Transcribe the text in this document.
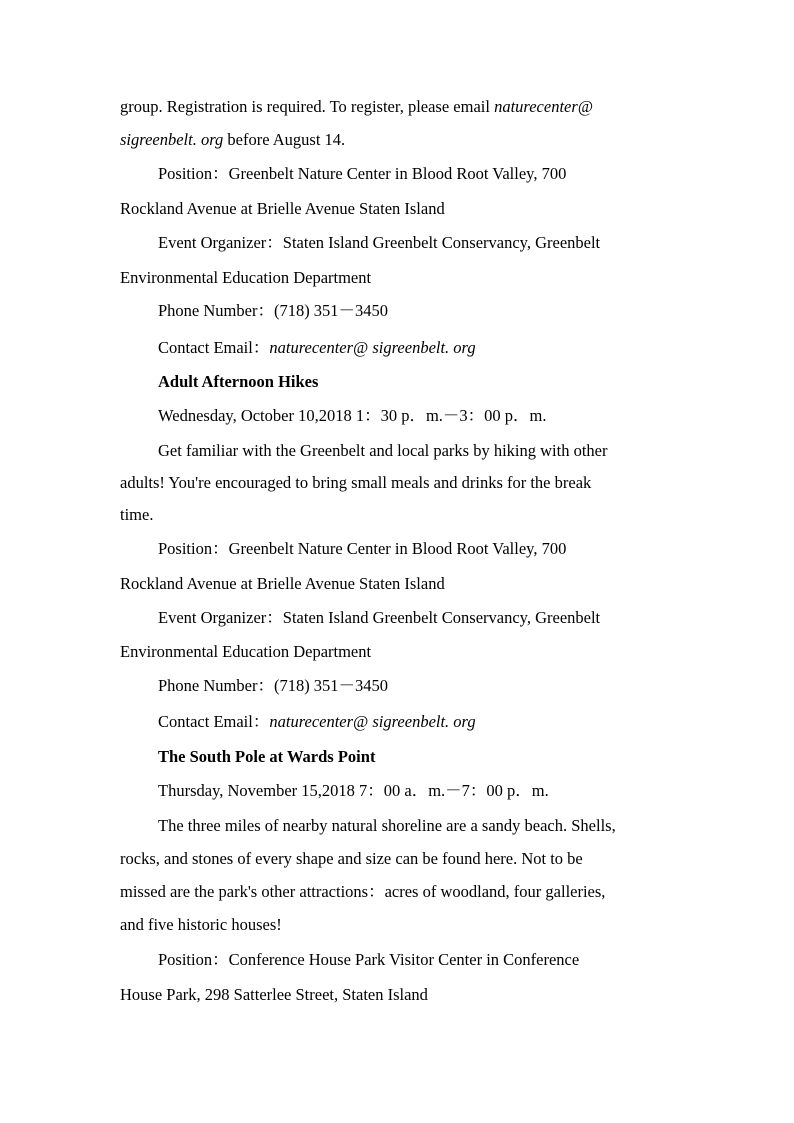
group. Registration is required. To register, please email naturecenter@
sigreenbelt. org before August 14.
Position：Greenbelt Nature Center in Blood Root Valley, 700
Rockland Avenue at Brielle Avenue Staten Island
Event Organizer：Staten Island Greenbelt Conservancy, Greenbelt
Environmental Education Department
Phone Number：(718) 351－3450
Contact Email：naturecenter@ sigreenbelt. org
Adult Afternoon Hikes
Wednesday, October 10,2018 1：30 p．m.－3：00 p．m.
Get familiar with the Greenbelt and local parks by hiking with other
adults! You're encouraged to bring small meals and drinks for the break
time.
Position：Greenbelt Nature Center in Blood Root Valley, 700
Rockland Avenue at Brielle Avenue Staten Island
Event Organizer：Staten Island Greenbelt Conservancy, Greenbelt
Environmental Education Department
Phone Number：(718) 351－3450
Contact Email：naturecenter@ sigreenbelt. org
The South Pole at Wards Point
Thursday, November 15,2018 7：00 a．m.－7：00 p．m.
The three miles of nearby natural shoreline are a sandy beach. Shells,
rocks, and stones of every shape and size can be found here. Not to be
missed are the park's other attractions：acres of woodland, four galleries,
and five historic houses!
Position：Conference House Park Visitor Center in Conference
House Park, 298 Satterlee Street, Staten Island
